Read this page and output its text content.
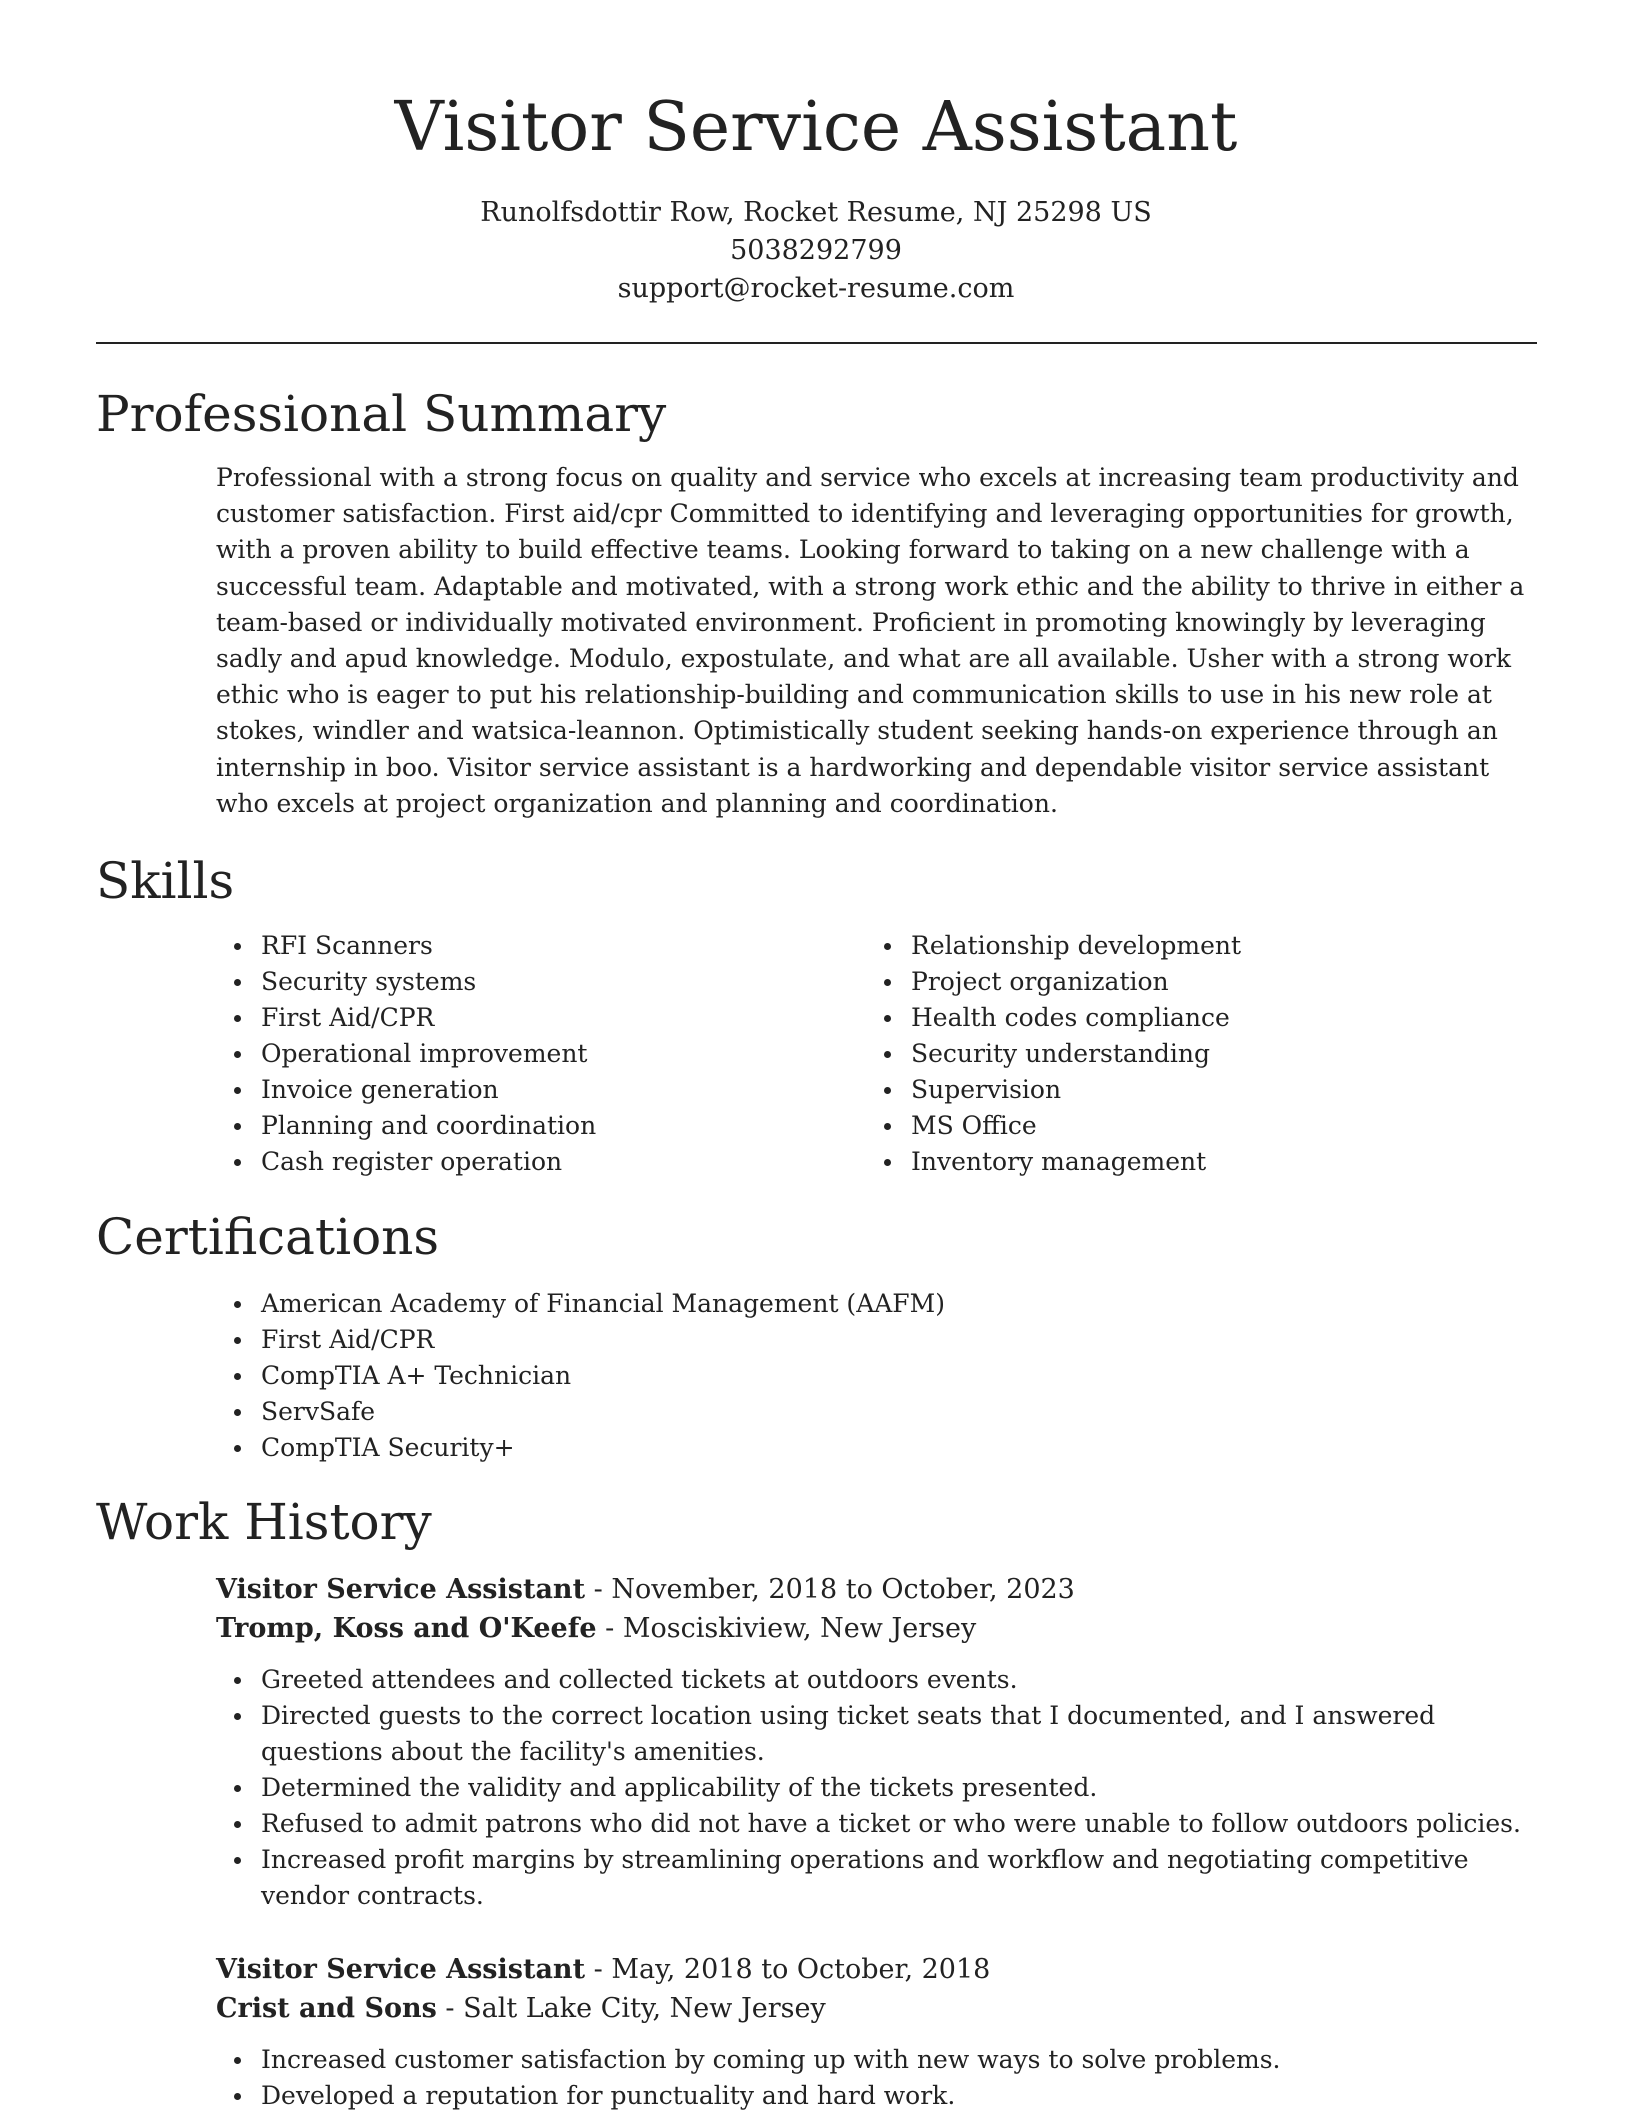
Visitor Service Assistant
Runolfsdottir Row, Rocket Resume, NJ 25298 US
5038292799
support@rocket-resume.com
Professional Summary

Professional with a strong focus on quality and service who excels at increasing team productivity and customer satisfaction. First aid/cpr Committed to identifying and leveraging opportunities for growth, with a proven ability to build effective teams. Looking forward to taking on a new challenge with a successful team. Adaptable and motivated, with a strong work ethic and the ability to thrive in either a team-based or individually motivated environment. Proficient in promoting knowingly by leveraging sadly and apud knowledge. Modulo, expostulate, and what are all available. Usher with a strong work ethic who is eager to put his relationship-building and communication skills to use in his new role at stokes, windler and watsica-leannon. Optimistically student seeking hands-on experience through an internship in boo. Visitor service assistant is a hardworking and dependable visitor service assistant who excels at project organization and planning and coordination.

Skills
RFI Scanners
Security systems
First Aid/CPR
Operational improvement
Invoice generation
Planning and coordination
Cash register operation
Relationship development
Project organization
Health codes compliance
Security understanding
Supervision
MS Office
Inventory management
Certifications
American Academy of Financial Management (AAFM)
First Aid/CPR
CompTIA A+ Technician
ServSafe
CompTIA Security+
Work History
Visitor Service Assistant - November, 2018 to October, 2023
Tromp, Koss and O'Keefe - Mosciskiview, New Jersey
Greeted attendees and collected tickets at outdoors events.
Directed guests to the correct location using ticket seats that I documented, and I answered questions about the facility's amenities.
Determined the validity and applicability of the tickets presented.
Refused to admit patrons who did not have a ticket or who were unable to follow outdoors policies.
Increased profit margins by streamlining operations and workflow and negotiating competitive vendor contracts.
Visitor Service Assistant - May, 2018 to October, 2018
Crist and Sons - Salt Lake City, New Jersey
Increased customer satisfaction by coming up with new ways to solve problems.
Developed a reputation for punctuality and hard work.
